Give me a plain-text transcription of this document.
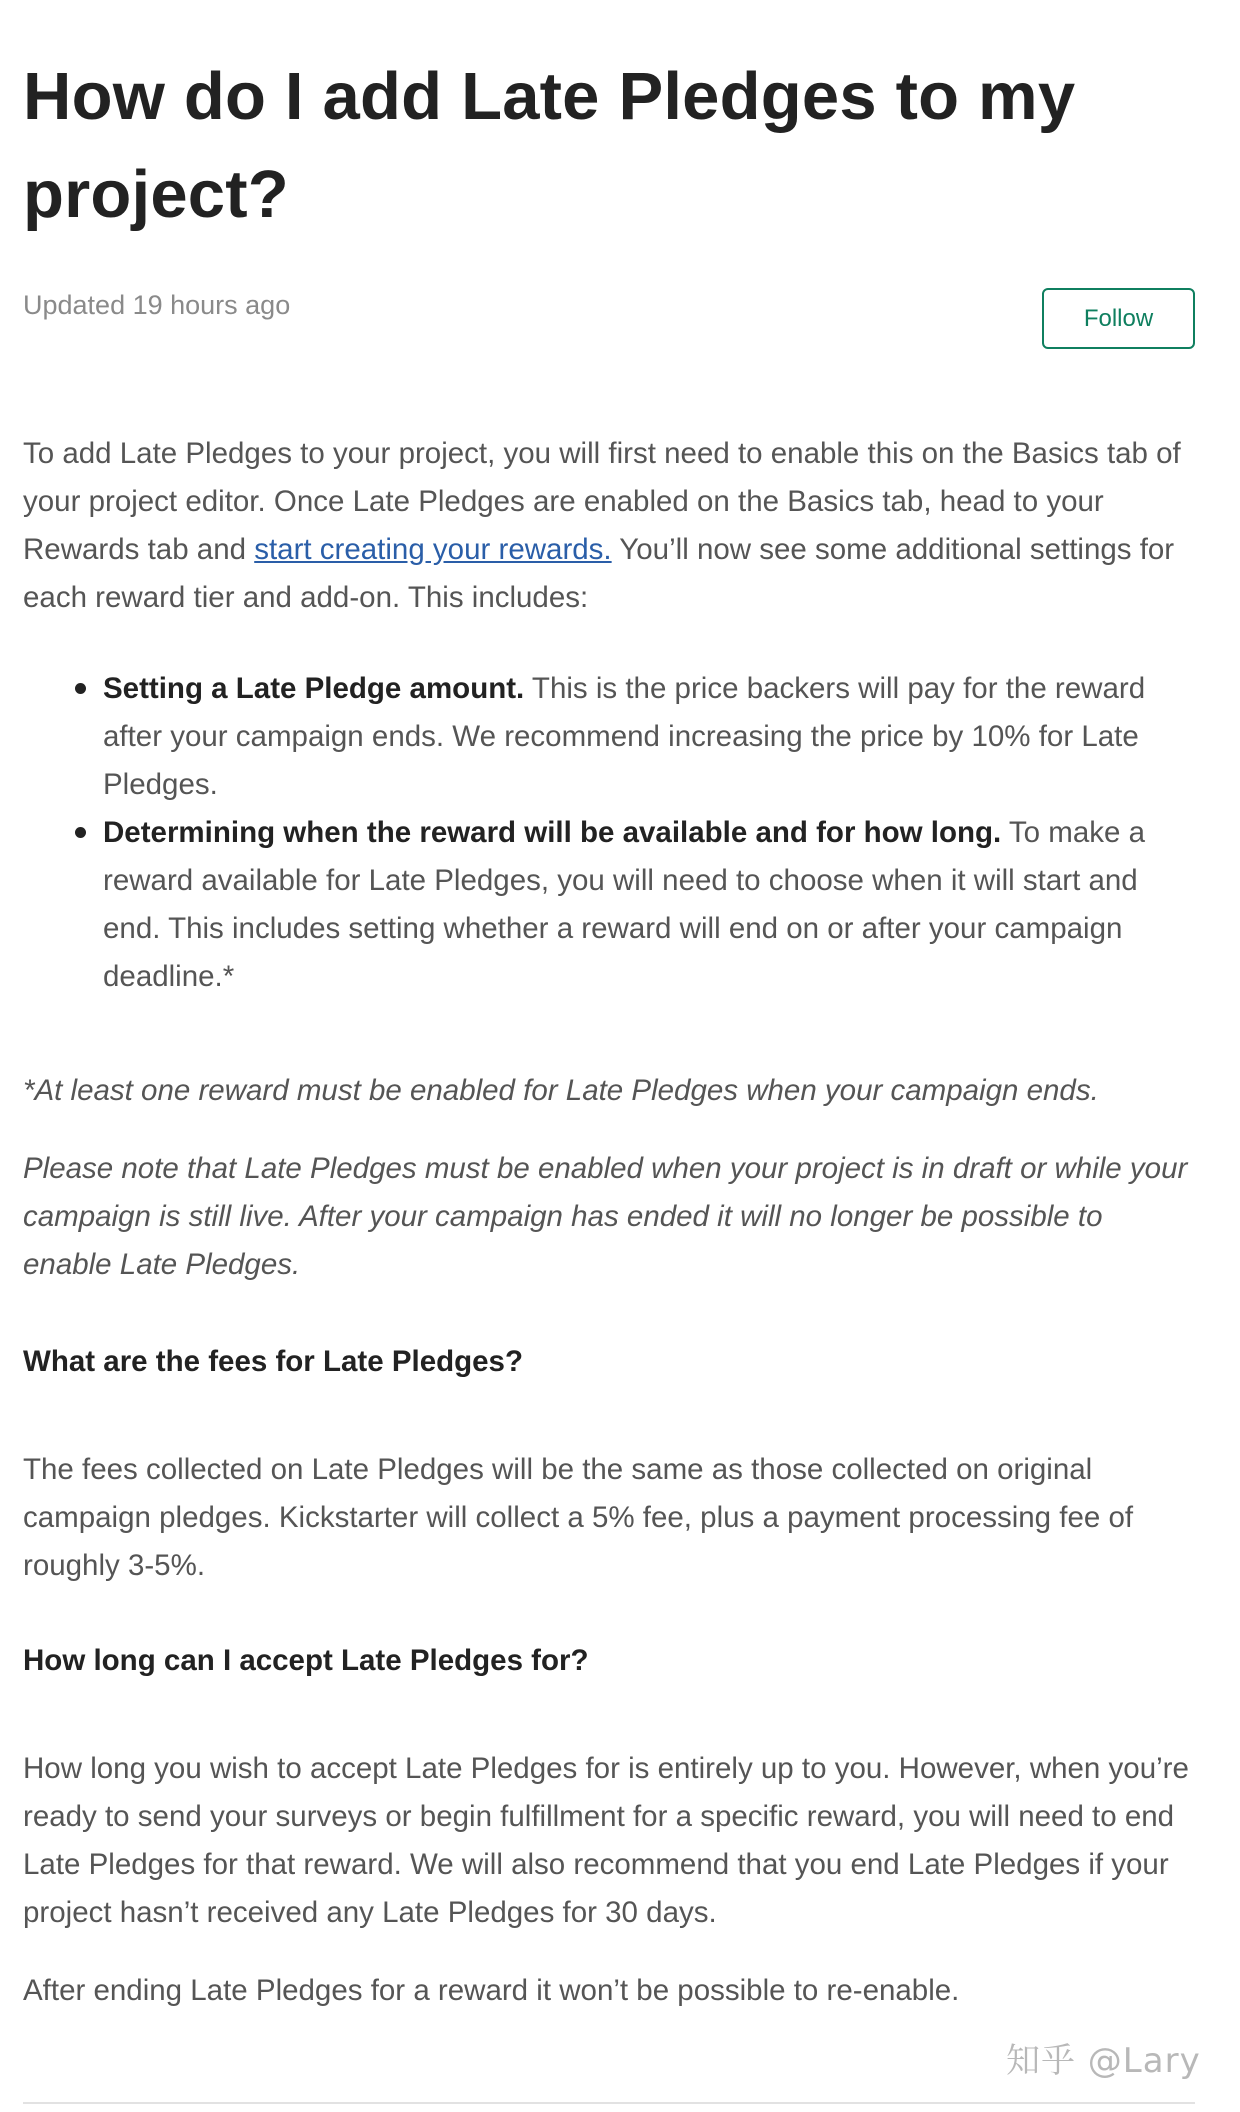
How do I add Late Pledges to my project?
Updated 19 hours ago	Follow

To add Late Pledges to your project, you will first need to enable this on the Basics tab of your project editor. Once Late Pledges are enabled on the Basics tab, head to your Rewards tab and start creating your rewards. You’ll now see some additional settings for each reward tier and add-on. This includes:

Setting a Late Pledge amount. This is the price backers will pay for the reward after your campaign ends. We recommend increasing the price by 10% for Late Pledges.
Determining when the reward will be available and for how long. To make a reward available for Late Pledges, you will need to choose when it will start and end. This includes setting whether a reward will end on or after your campaign deadline.*

*At least one reward must be enabled for Late Pledges when your campaign ends.

Please note that Late Pledges must be enabled when your project is in draft or while your campaign is still live. After your campaign has ended it will no longer be possible to enable Late Pledges.

What are the fees for Late Pledges?

The fees collected on Late Pledges will be the same as those collected on original campaign pledges. Kickstarter will collect a 5% fee, plus a payment processing fee of roughly 3-5%.

How long can I accept Late Pledges for?

How long you wish to accept Late Pledges for is entirely up to you. However, when you’re ready to send your surveys or begin fulfillment for a specific reward, you will need to end Late Pledges for that reward. We will also recommend that you end Late Pledges if your project hasn’t received any Late Pledges for 30 days.

After ending Late Pledges for a reward it won’t be possible to re-enable.

知乎 @Lary
